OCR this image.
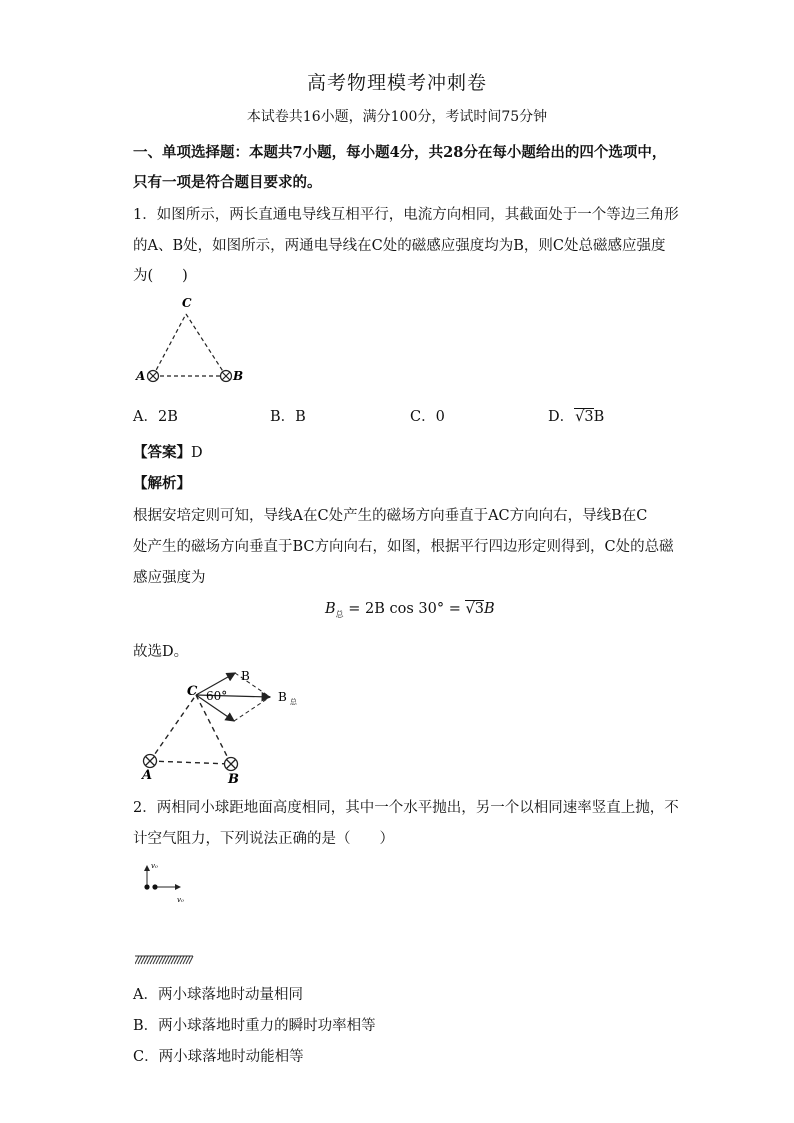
高考物理模考冲刺卷
本试卷共16小题，满分100分，考试时间75分钟
一、单项选择题：本题共7小题，每小题4分，共28分在每小题给出的四个选项中，
只有一项是符合题目要求的。
1．如图所示，两长直通电导线互相平行，电流方向相同，其截面处于一个等边三角形
的A、B处，如图所示，两通电导线在C处的磁感应强度均为B，则C处总磁感应强度
为(　　)
C
A	B
A．2B	B．B	C．0	D．√3B
【答案】D
【解析】
根据安培定则可知，导线A在C处产生的磁场方向垂直于AC方向向右，导线B在C
处产生的磁场方向垂直于BC方向向右，如图，根据平行四边形定则得到，C处的总磁
感应强度为
$B_总 = 2B$ cos 30° = √3B
故选D。
C 60°
B
B $_总$
A	B
2．两相同小球距地面高度相同，其中一个水平抛出，另一个以相同速率竖直上抛，不
计空气阻力，下列说法正确的是（　　）
v₀
v₀
A．两小球落地时动量相同
B．两小球落地时重力的瞬时功率相等
C．两小球落地时动能相等
